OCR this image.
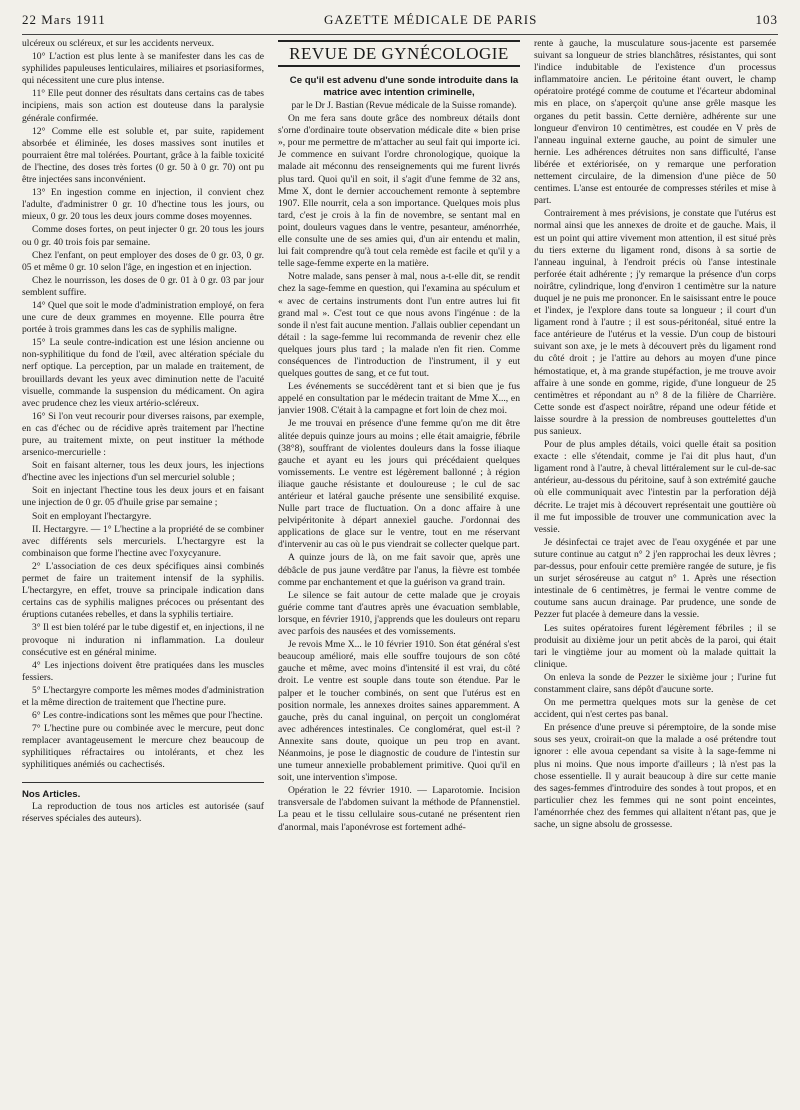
22 Mars 1911	GAZETTE MÉDICALE DE PARIS	103

ulcéreux ou scléreux, et sur les accidents nerveux.

10° L'action est plus lente à se manifester dans les cas de syphilides papuleuses lenticulaires, miliaires et psoriasiformes, qui nécessitent une cure plus intense.

11° Elle peut donner des résultats dans certains cas de tabes incipiens, mais son action est douteuse dans la paralysie générale confirmée.

12° Comme elle est soluble et, par suite, rapidement absorbée et éliminée, les doses massives sont inutiles et pourraient être mal tolérées. Pourtant, grâce à la faible toxicité de l'hectine, des doses très fortes (0 gr. 50 à 0 gr. 70) ont pu être injectées sans inconvénient.

13° En ingestion comme en injection, il convient chez l'adulte, d'administrer 0 gr. 10 d'hectine tous les jours, ou mieux, 0 gr. 20 tous les deux jours comme doses moyennes.

Comme doses fortes, on peut injecter 0 gr. 20 tous les jours ou 0 gr. 40 trois fois par semaine.

Chez l'enfant, on peut employer des doses de 0 gr. 03, 0 gr. 05 et même 0 gr. 10 selon l'âge, en ingestion et en injection.

Chez le nourrisson, les doses de 0 gr. 01 à 0 gr. 03 par jour semblent suffire.

14° Quel que soit le mode d'administration employé, on fera une cure de deux grammes en moyenne. Elle pourra être portée à trois grammes dans les cas de syphilis maligne.

15° La seule contre-indication est une lésion ancienne ou non-syphilitique du fond de l'œil, avec altération spéciale du nerf optique. La perception, par un malade en traitement, de brouillards devant les yeux avec diminution nette de l'acuité visuelle, commande la suspension du médicament. On agira avec prudence chez les vieux artério-scléreux.

16° Si l'on veut recourir pour diverses raisons, par exemple, en cas d'échec ou de récidive après traitement par l'hectine pure, au traitement mixte, on peut instituer la méthode arsenico-mercurielle :

Soit en faisant alterner, tous les deux jours, les injections d'hectine avec les injections d'un sel mercuriel soluble ;

Soit en injectant l'hectine tous les deux jours et en faisant une injection de 0 gr. 05 d'huile grise par semaine ;

Soit en employant l'hectargyre.

II. Hectargyre. — 1° L'hectine a la propriété de se combiner avec différents sels mercuriels. L'hectargyre est la combinaison que forme l'hectine avec l'oxycyanure.

2° L'association de ces deux spécifiques ainsi combinés permet de faire un traitement intensif de la syphilis. L'hectargyre, en effet, trouve sa principale indication dans certains cas de syphilis malignes précoces ou présentant des éruptions cutanées rebelles, et dans la syphilis tertiaire.

3° Il est bien toléré par le tube digestif et, en injections, il ne provoque ni induration ni inflammation. La douleur consécutive est en général minime.

4° Les injections doivent être pratiquées dans les muscles fessiers.

5° L'hectargyre comporte les mêmes modes d'administration et la même direction de traitement que l'hectine pure.

6° Les contre-indications sont les mêmes que pour l'hectine.

7° L'hectine pure ou combinée avec le mercure, peut donc remplacer avantageusement le mercure chez beaucoup de syphilitiques réfractaires ou intolérants, et chez les syphilitiques anémiés ou cachectisés.

Nos Articles.

La reproduction de tous nos articles est autorisée (sauf réserves spéciales des auteurs).

REVUE DE GYNÉCOLOGIE

Ce qu'il est advenu d'une sonde introduite dans la matrice avec intention criminelle,

par le Dr J. Bastian (Revue médicale de la Suisse romande).

On me fera sans doute grâce des nombreux détails dont s'orne d'ordinaire toute observation médicale dite « bien prise », pour me permettre de m'attacher au seul fait qui importe ici. Je commence en suivant l'ordre chronologique, quoique la malade ait méconnu des renseignements qui me furent livrés plus tard. Quoi qu'il en soit, il s'agit d'une femme de 32 ans, Mme X, dont le dernier accouchement remonte à septembre 1907. Elle nourrit, cela a son importance. Quelques mois plus tard, c'est je crois à la fin de novembre, se sentant mal en point, douleurs vagues dans le ventre, pesanteur, aménorrhée, elle consulte une de ses amies qui, d'un air entendu et malin, lui fait comprendre qu'à tout cela remède est facile et qu'il y a telle sage-femme experte en la matière.

Notre malade, sans penser à mal, nous a-t-elle dit, se rendit chez la sage-femme en question, qui l'examina au spéculum et « avec de certains instruments dont l'un entre autres lui fit grand mal ». C'est tout ce que nous avons l'ingénue : de la sonde il n'est fait aucune mention. J'allais oublier cependant un détail : la sage-femme lui recommanda de revenir chez elle quelques jours plus tard ; la malade n'en fit rien. Comme conséquences de l'introduction de l'instrument, il y eut quelques gouttes de sang, et ce fut tout.

Les événements se succédèrent tant et si bien que je fus appelé en consultation par le médecin traitant de Mme X..., en janvier 1908. C'était à la campagne et fort loin de chez moi.

Je me trouvai en présence d'une femme qu'on me dit être alitée depuis quinze jours au moins ; elle était amaigrie, fébrile (38°8), souffrant de violentes douleurs dans la fosse iliaque gauche et ayant eu les jours qui précédaient quelques vomissements. Le ventre est légèrement ballonné ; à région iliaque gauche résistante et douloureuse ; le cul de sac antérieur et latéral gauche présente une sensibilité exquise. Nulle part trace de fluctuation. On a donc affaire à une pelvipéritonite à départ annexiel gauche. J'ordonnai des applications de glace sur le ventre, tout en me réservant d'intervenir au cas où le pus viendrait se collecter quelque part.

A quinze jours de là, on me fait savoir que, après une débâcle de pus jaune verdâtre par l'anus, la fièvre est tombée comme par enchantement et que la guérison va grand train.

Le silence se fait autour de cette malade que je croyais guérie comme tant d'autres après une évacuation semblable, lorsque, en février 1910, j'apprends que les douleurs ont reparu avec parfois des nausées et des vomissements.

Je revois Mme X... le 10 février 1910. Son état général s'est beaucoup amélioré, mais elle souffre toujours de son côté gauche et même, avec moins d'intensité il est vrai, du côté droit. Le ventre est souple dans toute son étendue. Par le palper et le toucher combinés, on sent que l'utérus est en position normale, les annexes droites saines apparemment. A gauche, près du canal inguinal, on perçoit un conglomérat avec adhérences intestinales. Ce conglomérat, quel est-il ? Annexite sans doute, quoique un peu trop en avant. Néanmoins, je pose le diagnostic de coudure de l'intestin sur une tumeur annexielle probablement primitive. Quoi qu'il en soit, une intervention s'impose.

Opération le 22 février 1910. — Laparotomie. Incision transversale de l'abdomen suivant la méthode de Pfannenstiel. La peau et le tissu cellulaire sous-cutané ne présentent rien d'anormal, mais l'aponévrose est fortement adhé-

rente à gauche, la musculature sous-jacente est parsemée suivant sa longueur de stries blanchâtres, résistantes, qui sont l'indice indubitable de l'existence d'un processus inflammatoire ancien. Le péritoine étant ouvert, le champ opératoire protégé comme de coutume et l'écarteur abdominal mis en place, on s'aperçoit qu'une anse grêle masque les organes du petit bassin. Cette dernière, adhérente sur une longueur d'environ 10 centimètres, est coudée en V près de l'anneau inguinal externe gauche, au point de simuler une hernie. Les adhérences détruites non sans difficulté, l'anse libérée et extériorisée, on y remarque une perforation nettement circulaire, de la dimension d'une pièce de 50 centimes. L'anse est entourée de compresses stériles et mise à part.

Contrairement à mes prévisions, je constate que l'utérus est normal ainsi que les annexes de droite et de gauche. Mais, il est un point qui attire vivement mon attention, il est situé près du tiers externe du ligament rond, disons à sa sortie de l'anneau inguinal, à l'endroit précis où l'anse intestinale perforée était adhérente ; j'y remarque la présence d'un corps noirâtre, cylindrique, long d'environ 1 centimètre sur la nature duquel je ne puis me prononcer. En le saisissant entre le pouce et l'index, je l'explore dans toute sa longueur ; il court d'un ligament rond à l'autre ; il est sous-péritonéal, situé entre la face antérieure de l'utérus et la vessie. D'un coup de bistouri suivant son axe, je le mets à découvert près du ligament rond du côté droit ; je l'attire au dehors au moyen d'une pince hémostatique, et, à ma grande stupéfaction, je me trouve avoir affaire à une sonde en gomme, rigide, d'une longueur de 25 centimètres et répondant au n° 8 de la filière de Charrière. Cette sonde est d'aspect noirâtre, répand une odeur fétide et laisse sourdre à la pression de nombreuses gouttelettes d'un pus sanieux.

Pour de plus amples détails, voici quelle était sa position exacte : elle s'étendait, comme je l'ai dit plus haut, d'un ligament rond à l'autre, à cheval littéralement sur le cul-de-sac antérieur, au-dessous du péritoine, sauf à son extrémité gauche où elle communiquait avec l'intestin par la perforation déjà décrite. Le trajet mis à découvert représentait une gouttière où il me fut impossible de trouver une communication avec la vessie.

Je désinfectai ce trajet avec de l'eau oxygénée et par une suture continue au catgut n° 2 j'en rapprochai les deux lèvres ; par-dessus, pour enfouir cette première rangée de suture, je fis un surjet séroséreuse au catgut n° 1. Après une résection intestinale de 6 centimètres, je fermai le ventre comme de coutume sans aucun drainage. Par prudence, une sonde de Pezzer fut placée à demeure dans la vessie.

Les suites opératoires furent légèrement fébriles ; il se produisit au dixième jour un petit abcès de la paroi, qui était tari le vingtième jour au moment où la malade quittait la clinique.

On enleva la sonde de Pezzer le sixième jour ; l'urine fut constamment claire, sans dépôt d'aucune sorte.

On me permettra quelques mots sur la genèse de cet accident, qui n'est certes pas banal.

En présence d'une preuve si péremptoire, de la sonde mise sous ses yeux, croirait-on que la malade a osé prétendre tout ignorer : elle avoua cependant sa visite à la sage-femme ni plus ni moins. Que nous importe d'ailleurs ; là n'est pas la chose essentielle. Il y aurait beaucoup à dire sur cette manie des sages-femmes d'introduire des sondes à tout propos, et en particulier chez les femmes qui ne sont point enceintes, l'aménorrhée chez des femmes qui allaitent n'étant pas, que je sache, un signe absolu de grossesse.
